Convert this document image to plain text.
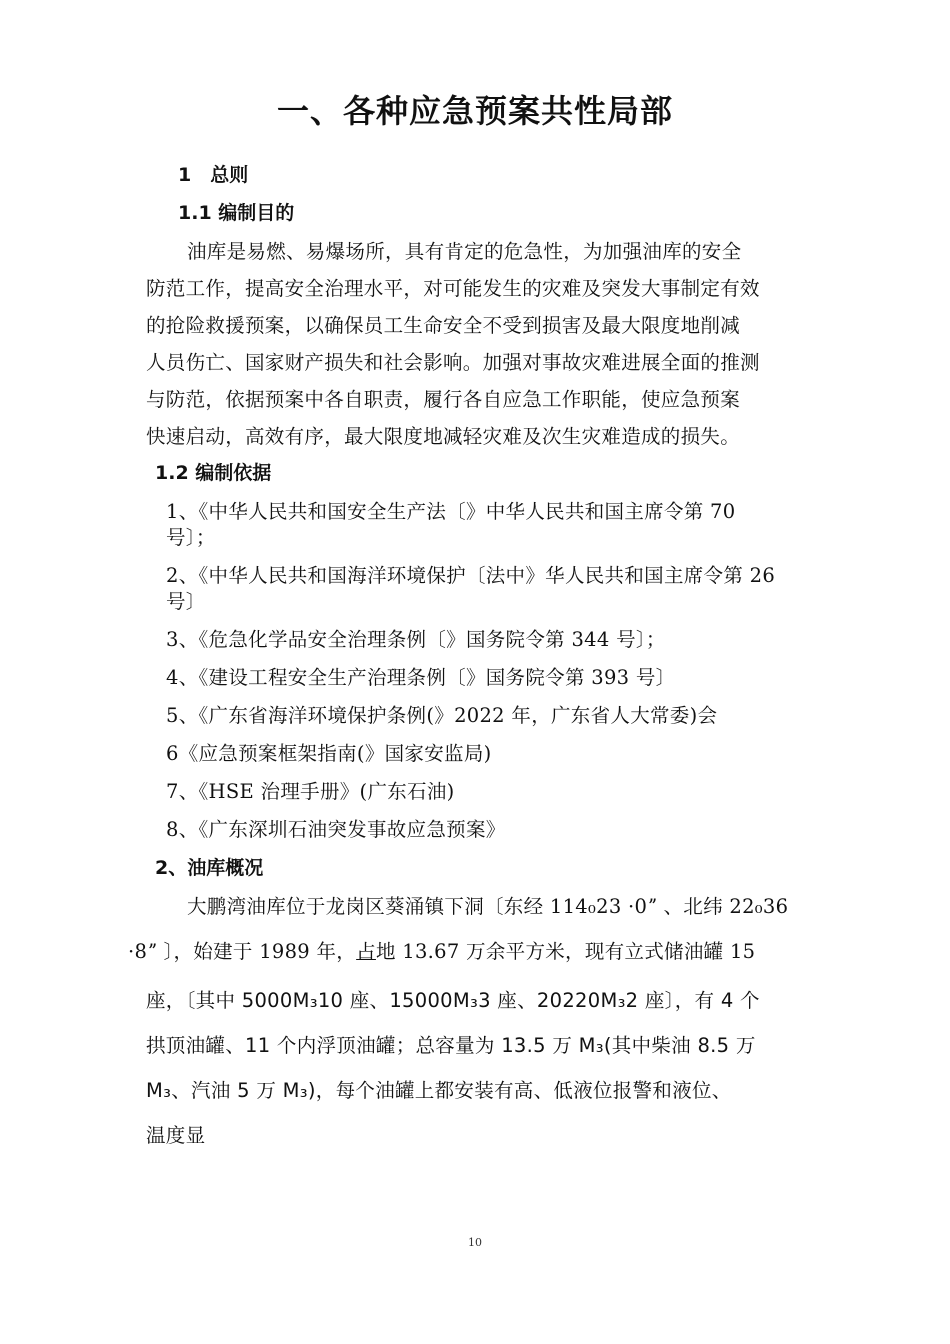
一、各种应急预案共性局部
1　总则
1.1 编制目的
油库是易燃、易爆场所，具有肯定的危急性，为加强油库的安全
防范工作，提高安全治理水平，对可能发生的灾难及突发大事制定有效
的抢险救援预案，以确保员工生命安全不受到损害及最大限度地削减
人员伤亡、国家财产损失和社会影响。加强对事故灾难进展全面的推测
与防范，依据预案中各自职责，履行各自应急工作职能，使应急预案
快速启动，高效有序，最大限度地减轻灾难及次生灾难造成的损失。
1.2 编制依据
1、《中华人民共和国安全生产法〔》中华人民共和国主席令第 70
号〕；
2、《中华人民共和国海洋环境保护〔法中》华人民共和国主席令第 26
号〕
3、《危急化学品安全治理条例〔》国务院令第 344 号〕；
4、《建设工程安全生产治理条例〔》国务院令第 393 号〕
5、《广东省海洋环境保护条例(》2022 年，广东省人大常委)会
6《应急预案框架指南(》国家安监局)
7、《HSE 治理手册》(广东石油)
8、《广东深圳石油突发事故应急预案》
2、油库概况
大鹏湾油库位于龙岗区葵涌镇下洞〔东经 114₀23 ·0ˮ 、北纬 22₀36
·8ˮ 〕，始建于 1989 年，占地 13.67 万余平方米，现有立式储油罐 15
座，〔其中 5000M₃10 座、15000M₃3 座、20220M₃2 座〕，有 4 个
拱顶油罐、11 个内浮顶油罐；总容量为 13.5 万 M₃(其中柴油 8.5 万
M₃、汽油 5 万 M₃)，每个油罐上都安装有高、低液位报警和液位、
温度显
10
